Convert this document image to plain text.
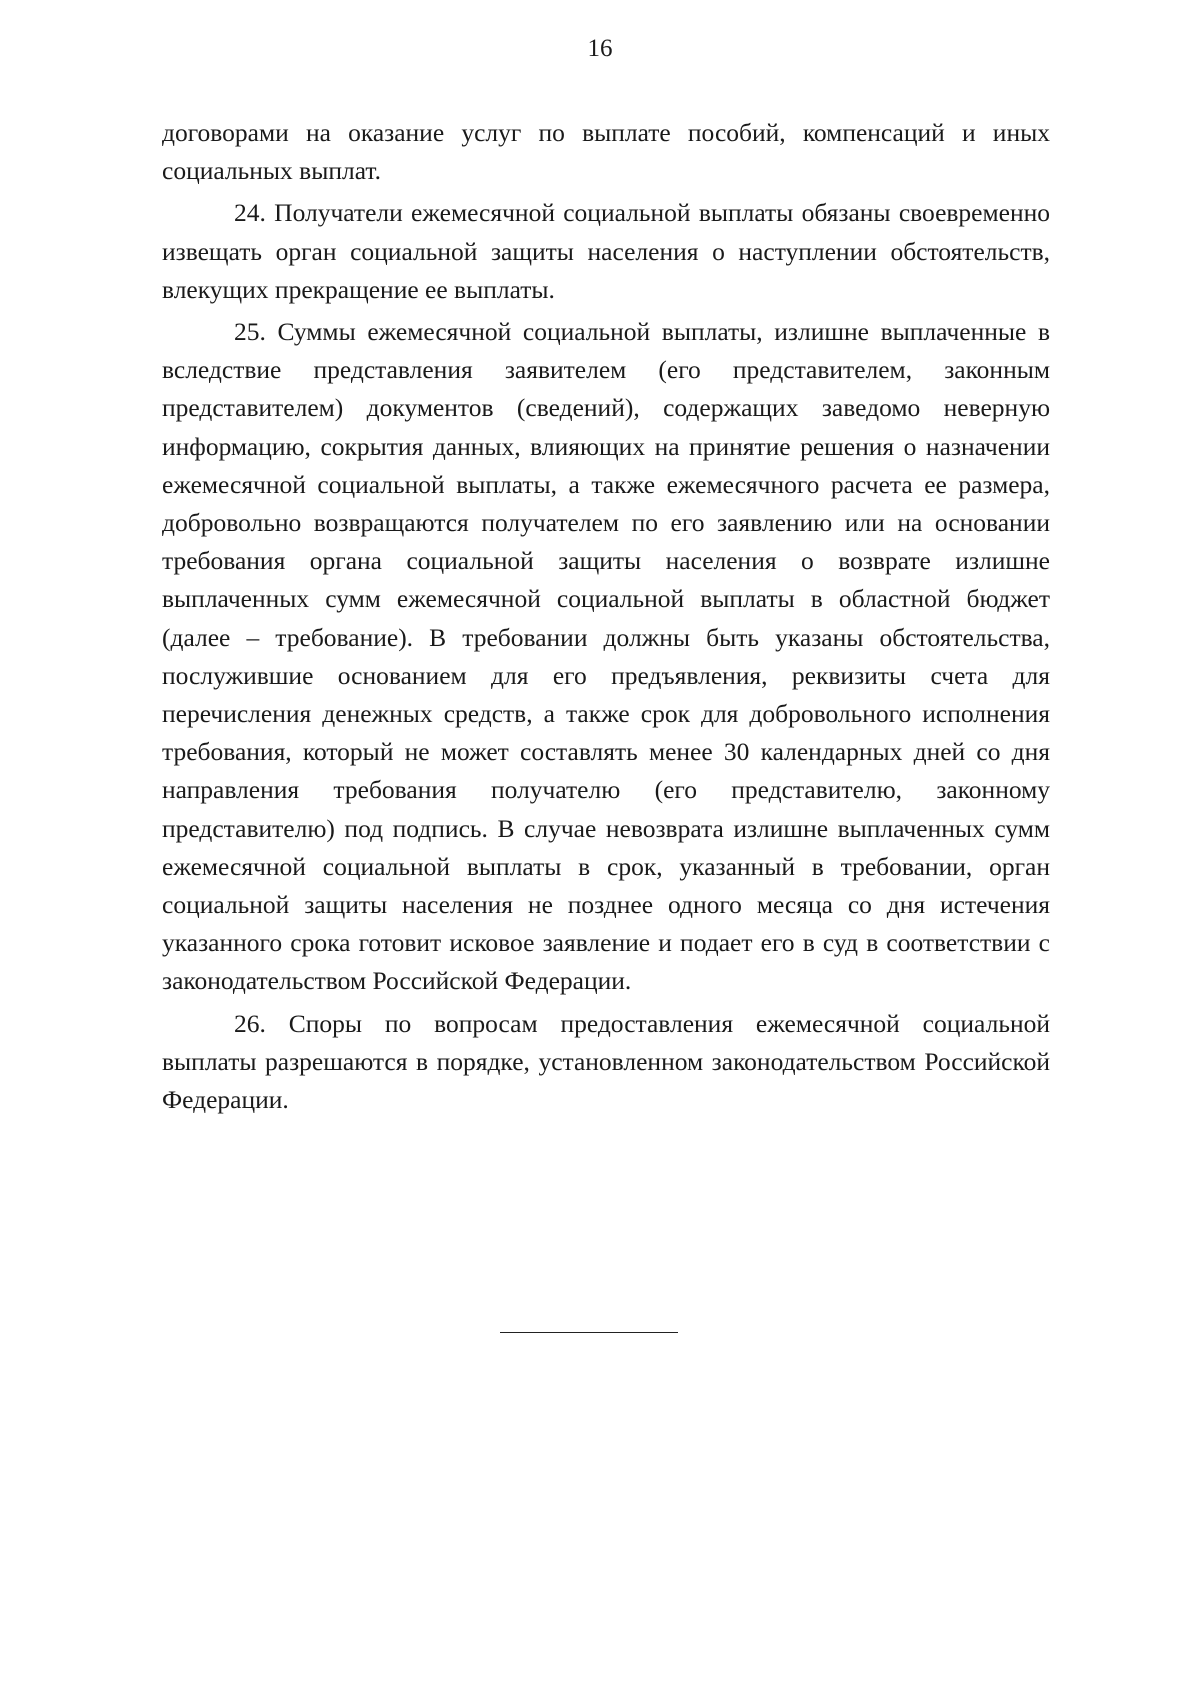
16

договорами на оказание услуг по выплате пособий, компенсаций и иных социальных выплат.

24. Получатели ежемесячной социальной выплаты обязаны своевременно извещать орган социальной защиты населения о наступлении обстоятельств, влекущих прекращение ее выплаты.

25. Суммы ежемесячной социальной выплаты, излишне выплаченные в вследствие представления заявителем (его представителем, законным представителем) документов (сведений), содержащих заведомо неверную информацию, сокрытия данных, влияющих на принятие решения о назначении ежемесячной социальной выплаты, а также ежемесячного расчета ее размера, добровольно возвращаются получателем по его заявлению или на основании требования органа социальной защиты населения о возврате излишне выплаченных сумм ежемесячной социальной выплаты в областной бюджет (далее – требование). В требовании должны быть указаны обстоятельства, послужившие основанием для его предъявления, реквизиты счета для перечисления денежных средств, а также срок для добровольного исполнения требования, который не может составлять менее 30 календарных дней со дня направления требования получателю (его представителю, законному представителю) под подпись. В случае невозврата излишне выплаченных сумм ежемесячной социальной выплаты в срок, указанный в требовании, орган социальной защиты населения не позднее одного месяца со дня истечения указанного срока готовит исковое заявление и подает его в суд в соответствии с законодательством Российской Федерации.

26. Споры по вопросам предоставления ежемесячной социальной выплаты разрешаются в порядке, установленном законодательством Российской Федерации.
